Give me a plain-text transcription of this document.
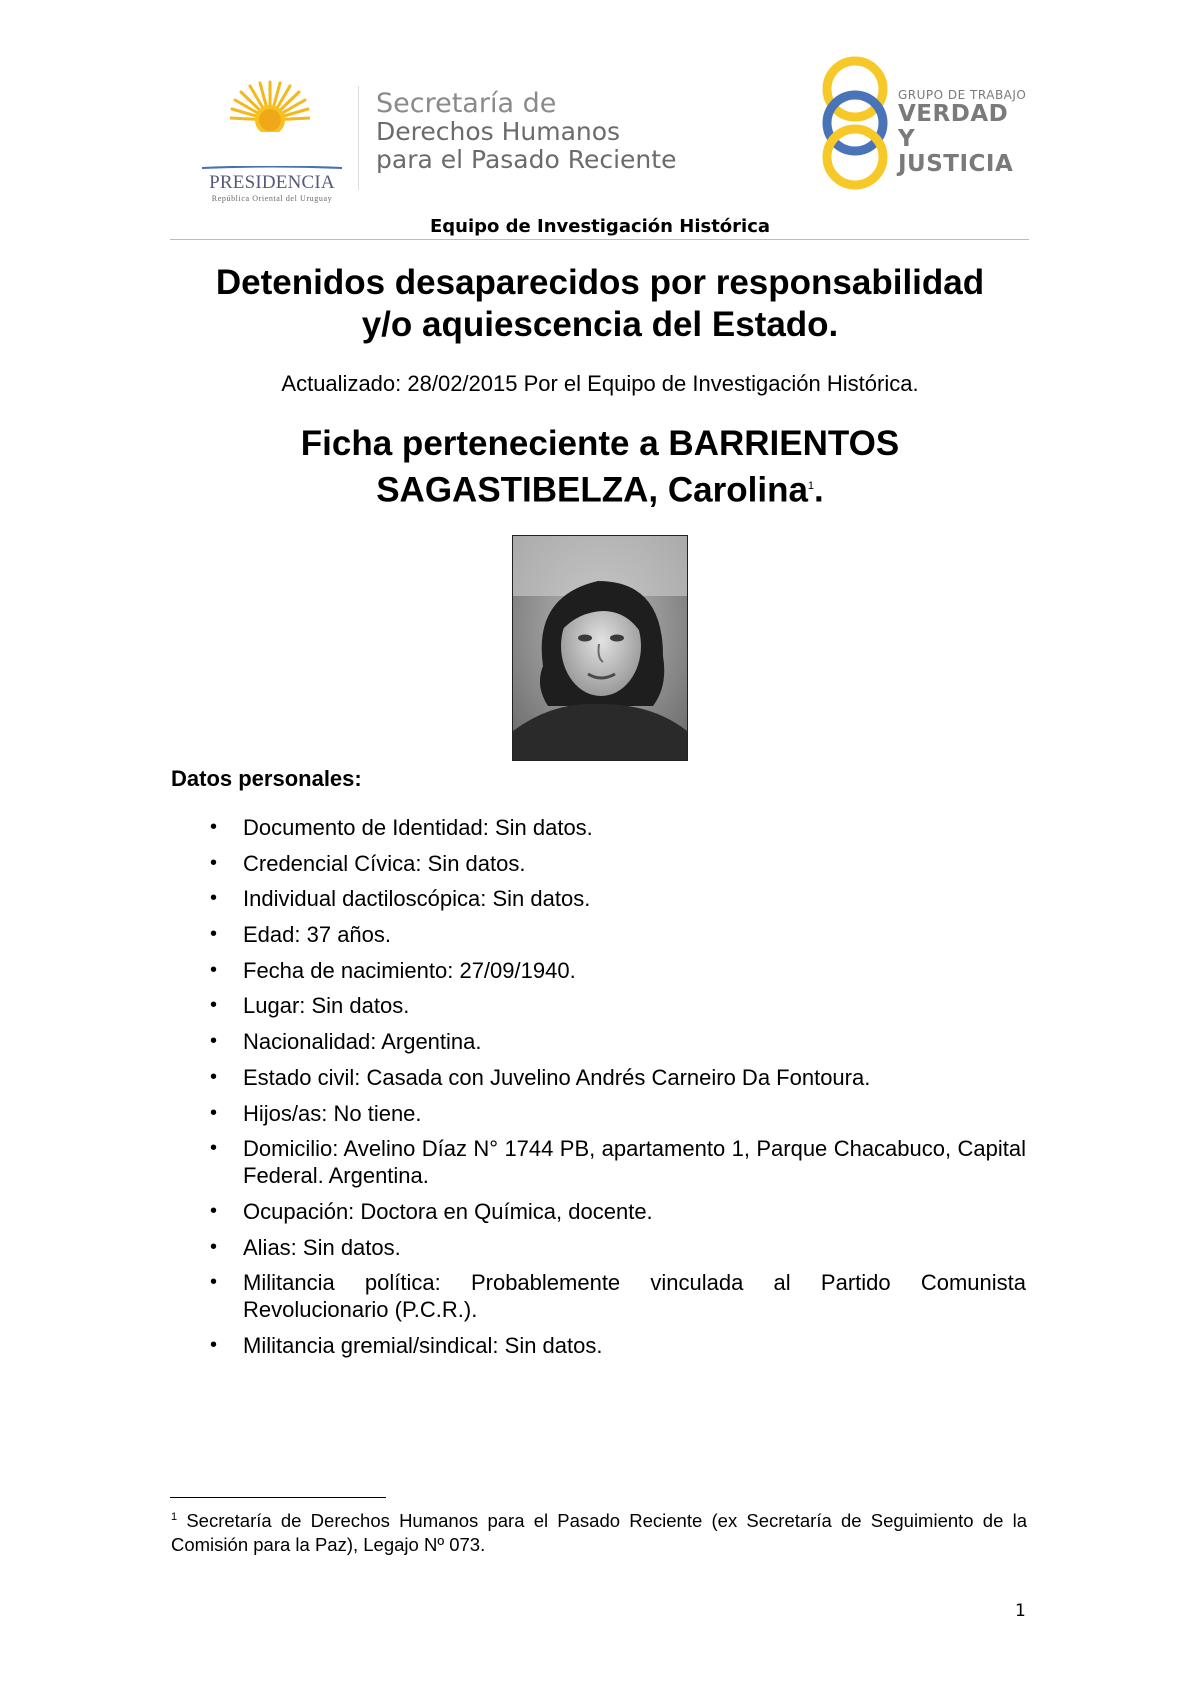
PRESIDENCIA
República Oriental del Uruguay
Secretaría de
Derechos Humanos
para el Pasado Reciente
GRUPO DE TRABAJO
VERDAD Y
JUSTICIA
Equipo de Investigación Histórica
Detenidos desaparecidos por responsabilidad
y/o aquiescencia del Estado.
Actualizado: 28/02/2015 Por el Equipo de Investigación Histórica.
Ficha perteneciente a BARRIENTOS
SAGASTIBELZA, Carolina$^1$.
Datos personales:
• Documento de Identidad: Sin datos.
• Credencial Cívica: Sin datos.
• Individual dactiloscópica: Sin datos.
• Edad: 37 años.
• Fecha de nacimiento: 27/09/1940.
• Lugar: Sin datos.
• Nacionalidad: Argentina.
• Estado civil: Casada con Juvelino Andrés Carneiro Da Fontoura.
• Hijos/as: No tiene.
• Domicilio: Avelino Díaz N° 1744 PB, apartamento 1, Parque Chacabuco, Capital Federal. Argentina.
• Ocupación: Doctora en Química, docente.
• Alias: Sin datos.
• Militancia política: Probablemente vinculada al Partido Comunista Revolucionario (P.C.R.).
• Militancia gremial/sindical: Sin datos.
$^1$ Secretaría de Derechos Humanos para el Pasado Reciente (ex Secretaría de Seguimiento de la Comisión para la Paz), Legajo Nº 073.
1
